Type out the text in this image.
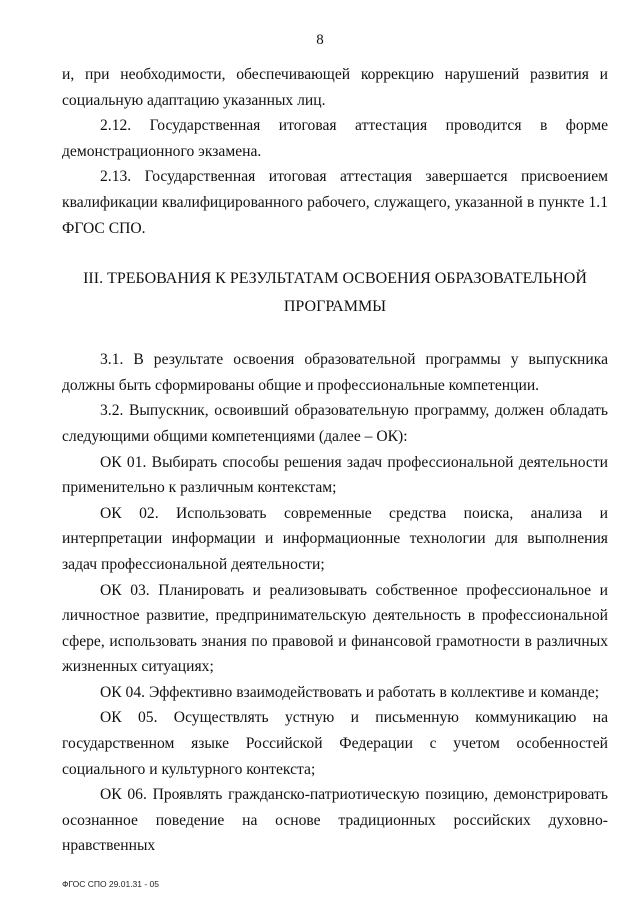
8

и, при необходимости, обеспечивающей коррекцию нарушений развития и социальную адаптацию указанных лиц.

2.12. Государственная итоговая аттестация проводится в форме демонстрационного экзамена.

2.13. Государственная итоговая аттестация завершается присвоением квалификации квалифицированного рабочего, служащего, указанной в пункте 1.1 ФГОС СПО.

III. ТРЕБОВАНИЯ К РЕЗУЛЬТАТАМ ОСВОЕНИЯ ОБРАЗОВАТЕЛЬНОЙ ПРОГРАММЫ

3.1. В результате освоения образовательной программы у выпускника должны быть сформированы общие и профессиональные компетенции.

3.2. Выпускник, освоивший образовательную программу, должен обладать следующими общими компетенциями (далее – ОК):

ОК 01. Выбирать способы решения задач профессиональной деятельности применительно к различным контекстам;

ОК 02. Использовать современные средства поиска, анализа и интерпретации информации и информационные технологии для выполнения задач профессиональной деятельности;

ОК 03. Планировать и реализовывать собственное профессиональное и личностное развитие, предпринимательскую деятельность в профессиональной сфере, использовать знания по правовой и финансовой грамотности в различных жизненных ситуациях;

ОК 04. Эффективно взаимодействовать и работать в коллективе и команде;

ОК 05. Осуществлять устную и письменную коммуникацию на государственном языке Российской Федерации с учетом особенностей социального и культурного контекста;

ОК 06. Проявлять гражданско-патриотическую позицию, демонстрировать осознанное поведение на основе традиционных российских духовно-нравственных

ФГОС СПО 29.01.31 - 05
